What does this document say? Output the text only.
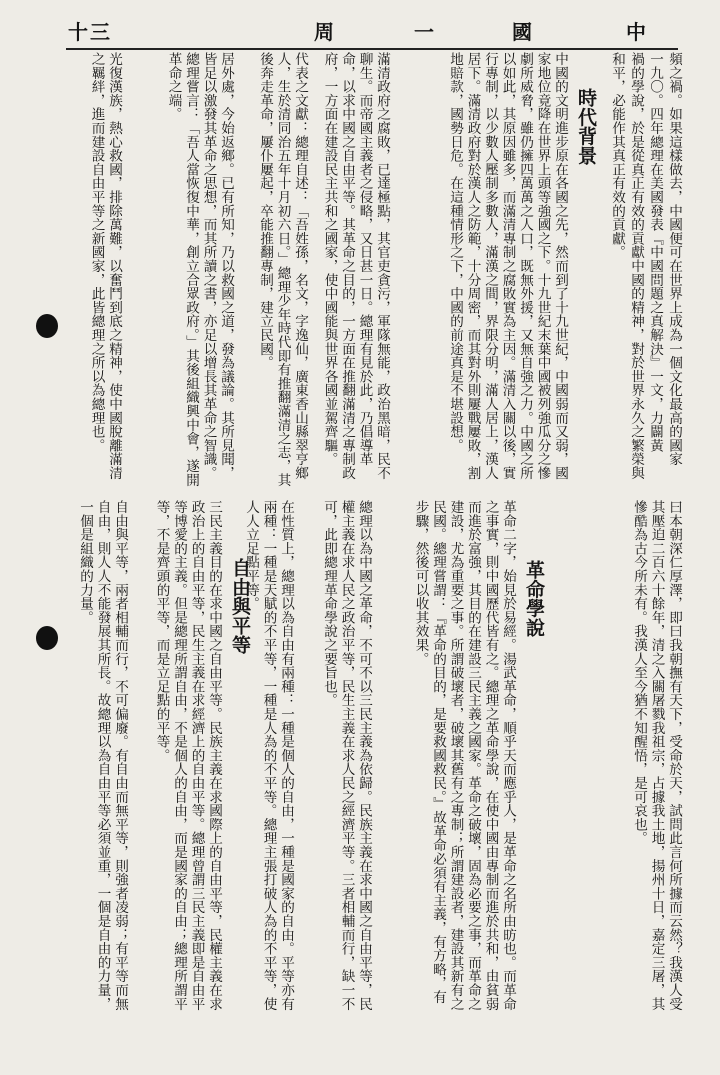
十三	周	一	國	中
頻之禍。如果這樣做去，中國便可在世界上成為一個文化最高的國家
一九〇。四年總理在美國發表『中國問題之真解決』一文，力闢黃
禍的學說，於是從真正有效的貢獻中國的精神，對於世界永久之繁榮與
和平，必能作其真正有效的貢獻。
時代背景
中國的文明進步原在各國之先，然而到了十九世紀，中國弱而又弱，國家地位竟降在世界上頭等強國之下。十九世紀末葉中國被列強瓜分之慘劇所威脅，雖仍擁四萬萬之人口，既無外援，又無自強之力。中國之所以如此，其原因雖多，而滿清專制之腐敗實為主因。滿清入關以後，實行專制，以少數人壓制多數人，滿漢之間，界限分明，滿人居上，漢人居下。滿清政府對於漢人之防範，十分周密，而其對外則屢戰屢敗，割地賠款，國勢日危。在這種情形之下，中國的前途真是不堪設想。
滿清政府之腐敗，已達極點，其官吏貪污，軍隊無能，政治黑暗，民不聊生。而帝國主義者之侵略，又日甚一日。總理有見於此，乃倡導革命，以求中國之自由平等。其革命之目的，一方面在推翻滿清之專制政府，一方面在建設民主共和之國家，使中國能與世界各國並駕齊驅。
代表之文獻：總理自述：「吾姓孫，名文，字逸仙，廣東香山縣翠亨鄉人，生於清同治五年十月初六日。」總理少年時代即有推翻滿清之志，其後奔走革命，屢仆屢起，卒能推翻專制，建立民國。
居外處，今始返鄉。已有所知，乃以救國之道，發為議論。其所見聞，皆足以激發其革命之思想，而其所讀之書，亦足以增長其革命之智識。總理嘗言：「吾人當恢復中華，創立合眾政府。」其後組織興中會，遂開革命之端。
光復漢族，熱心救國，排除萬難，以奮鬥到底之精神，使中國脫離滿清之羈絆，進而建設自由平等之新國家，此皆總理之所以為總理也。
曰本朝深仁厚澤，即曰我朝撫有天下，受命於天，試問此言何所據而云然？我漢人受其壓迫二百六十餘年，清之入關屠戮我祖宗，占據我土地，揚州十日，嘉定三屠，其慘酷為古今所未有。我漢人至今猶不知醒悟，是可哀也。
革命學說
革命二字，始見於易經。湯武革命，順乎天而應乎人，是革命之名所由昉也。而革命之事實，則中國歷代皆有之。總理之革命學說，在使中國由專制而進於共和，由貧弱而進於富強，其目的在建設三民主義之國家。革命之破壞，固為必要之事，而革命之建設，尤為重要之事。所謂破壞者，破壞其舊有之專制；所謂建設者，建設其新有之民國。總理嘗謂：『革命的目的，是要救國救民。』故革命必須有主義，有方略，有步驟，然後可以收其效果。
總理以為中國之革命，不可不以三民主義為依歸。民族主義在求中國之自由平等，民權主義在求人民之政治平等，民生主義在求人民之經濟平等。三者相輔而行，缺一不可，此即總理革命學說之要旨也。
在性質上，總理以為自由有兩種：一種是個人的自由，一種是國家的自由。平等亦有兩種：一種是天賦的不平等，一種是人為的不平等。總理主張打破人為的不平等，使人人立足點平等。
自由與平等
三民主義目的在求中國之自由平等。民族主義在求國際上的自由平等，民權主義在求政治上的自由平等，民生主義在求經濟上的自由平等。總理曾謂三民主義即是自由平等博愛的主義。但是總理所謂自由，不是個人的自由，而是國家的自由；總理所謂平等，不是齊頭的平等，而是立足點的平等。
自由與平等，兩者相輔而行，不可偏廢。有自由而無平等，則強者凌弱；有平等而無自由，則人人不能發展其所長。故總理以為自由平等必須並重，一個是自由的力量，一個是組織的力量。
